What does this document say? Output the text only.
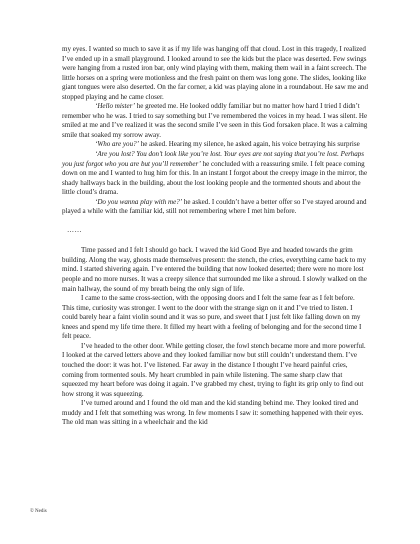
my eyes. I wanted so much to save it as if my life was hanging off that cloud. Lost in this tragedy, I realized I’ve ended up in a small playground. I looked around to see the kids but the place was deserted. Few swings were hanging from a rusted iron bar, only wind playing with them, making them wail in a faint screech. The little horses on a spring were motionless and the fresh paint on them was long gone. The slides, looking like giant tongues were also deserted. On the far corner, a kid was playing alone in a roundabout. He saw me and stopped playing and he came closer.

‘Hello mister’ he greeted me. He looked oddly familiar but no matter how hard I tried I didn’t remember who he was. I tried to say something but I’ve remembered the voices in my head. I was silent. He smiled at me and I’ve realized it was the second smile I’ve seen in this God forsaken place. It was a calming smile that soaked my sorrow away.

‘Who are you?’ he asked. Hearing my silence, he asked again, his voice betraying his surprise

‘Are you lost? You don’t look like you’re lost. Your eyes are not saying that you’re lost. Perhaps you just forgot who you are but you’ll remember’ he concluded with a reassuring smile. I felt peace coming down on me and I wanted to hug him for this. In an instant I forgot about the creepy image in the mirror, the shady hallways back in the building, about the lost looking people and the tormented shouts and about the little cloud’s drama.

‘Do you wanna play with me?’ he asked. I couldn’t have a better offer so I’ve stayed around and played a while with the familiar kid, still not remembering where I met him before.

……

Time passed and I felt I should go back. I waved the kid Good Bye and headed towards the grim building. Along the way, ghosts made themselves present: the stench, the cries, everything came back to my mind. I started shivering again. I’ve entered the building that now looked deserted; there were no more lost people and no more nurses. It was a creepy silence that surrounded me like a shroud. I slowly walked on the main hallway, the sound of my breath being the only sign of life.

I came to the same cross-section, with the opposing doors and I felt the same fear as I felt before. This time, curiosity was stronger. I went to the door with the strange sign on it and I’ve tried to listen. I could barely hear a faint violin sound and it was so pure, and sweet that I just felt like falling down on my knees and spend my life time there. It filled my heart with a feeling of belonging and for the second time I felt peace.

I’ve headed to the other door. While getting closer, the fowl stench became more and more powerful. I looked at the carved letters above and they looked familiar now but still couldn’t understand them. I’ve touched the door: it was hot. I’ve listened. Far away in the distance I thought I’ve heard painful cries, coming from tormented souls. My heart crumbled in pain while listening. The same sharp claw that squeezed my heart before was doing it again. I’ve grabbed my chest, trying to fight its grip only to find out how strong it was squeezing.

I’ve turned around and I found the old man and the kid standing behind me. They looked tired and muddy and I felt that something was wrong. In few moments I saw it: something happened with their eyes. The old man was sitting in a wheelchair and the kid

© Nedis
